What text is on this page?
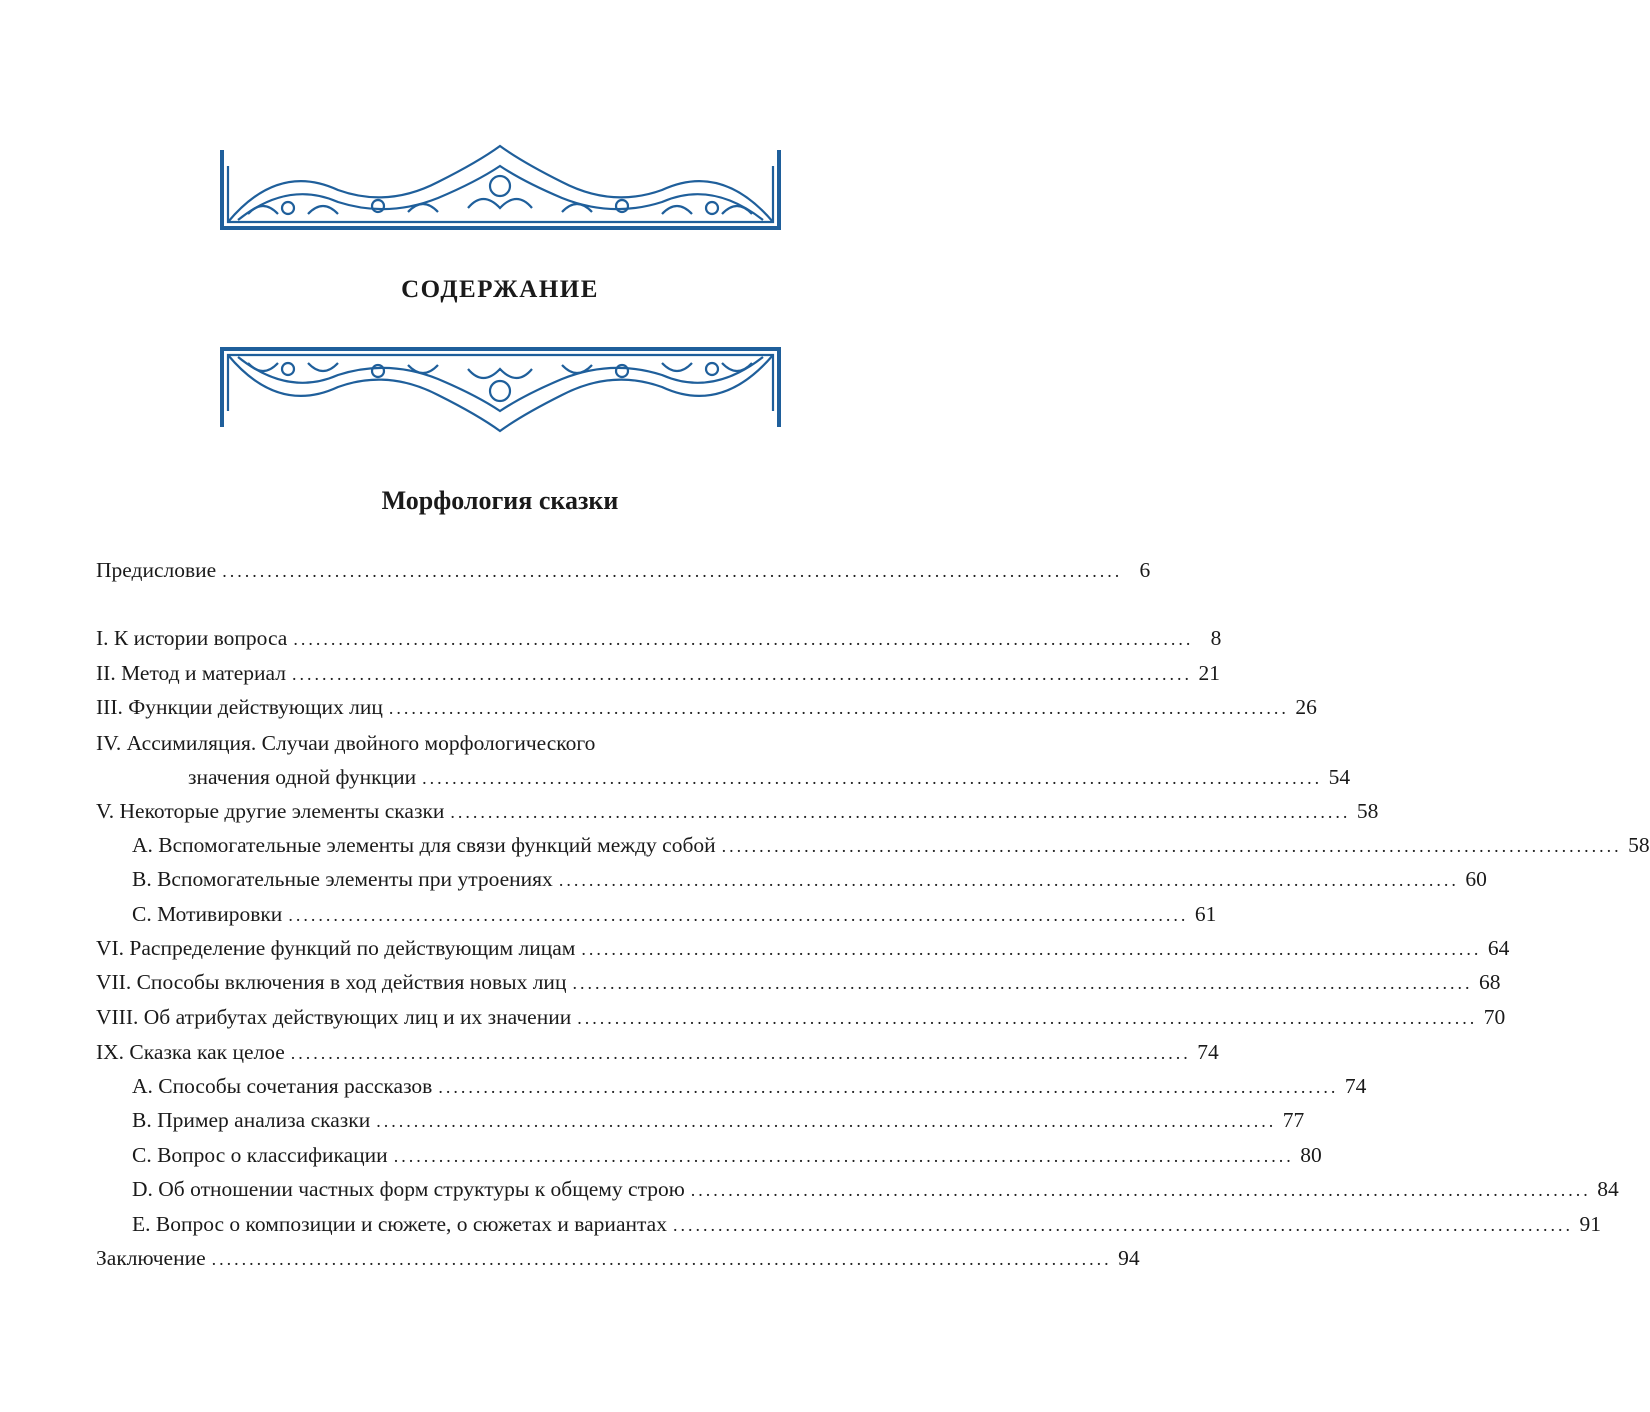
СОДЕРЖАНИЕ
Морфология сказки
Предисловие ........................................................................................................................ 6
I. К истории вопроса ........................................................................................................................ 8
II. Метод и материал ........................................................................................................................ 21
III. Функции действующих лиц ........................................................................................................................ 26
IV. Ассимиляция. Случаи двойного морфологического
значения одной функции ........................................................................................................................ 54
V. Некоторые другие элементы сказки ........................................................................................................................ 58
A. Вспомогательные элементы для связи функций между собой ........................................................................................................................ 58
B. Вспомогательные элементы при утроениях ........................................................................................................................ 60
C. Мотивировки ........................................................................................................................ 61
VI. Распределение функций по действующим лицам ........................................................................................................................ 64
VII. Способы включения в ход действия новых лиц ........................................................................................................................ 68
VIII. Об атрибутах действующих лиц и их значении ........................................................................................................................ 70
IX. Сказка как целое ........................................................................................................................ 74
A. Способы сочетания рассказов ........................................................................................................................ 74
B. Пример анализа сказки ........................................................................................................................ 77
C. Вопрос о классификации ........................................................................................................................ 80
D. Об отношении частных форм структуры к общему строю ........................................................................................................................ 84
E. Вопрос о композиции и сюжете, о сюжетах и вариантах ........................................................................................................................ 91
Заключение ........................................................................................................................ 94
